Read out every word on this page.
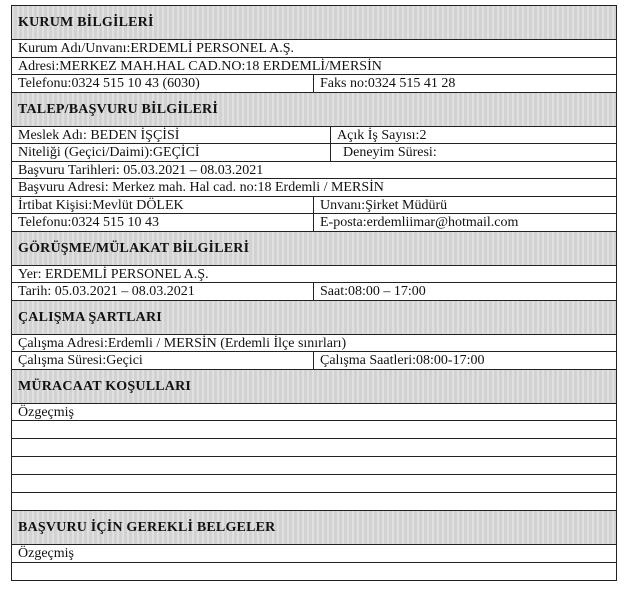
KURUM BİLGİLERİ
Kurum Adı/Unvanı:ERDEMLİ PERSONEL A.Ş.
Adresi:MERKEZ MAH.HAL CAD.NO:18 ERDEMLİ/MERSİN
Telefonu:0324 515 10 43 (6030)	Faks no:0324 515 41 28
TALEP/BAŞVURU BİLGİLERİ
Meslek Adı: BEDEN İŞÇİSİ	Açık İş Sayısı:2
Niteliği (Geçici/Daimi):GEÇİCİ	Deneyim Süresi:
Başvuru Tarihleri: 05.03.2021 – 08.03.2021
Başvuru Adresi: Merkez mah. Hal cad. no:18 Erdemli / MERSİN
İrtibat Kişisi:Mevlüt DÖLEK	Unvanı:Şirket Müdürü
Telefonu:0324 515 10 43	E-posta:erdemliimar@hotmail.com
GÖRÜŞME/MÜLAKAT BİLGİLERİ
Yer: ERDEMLİ PERSONEL A.Ş.
Tarih: 05.03.2021 – 08.03.2021	Saat:08:00 – 17:00
ÇALIŞMA ŞARTLARI
Çalışma Adresi:Erdemli / MERSİN (Erdemli İlçe sınırları)
Çalışma Süresi:Geçici	Çalışma Saatleri:08:00-17:00
MÜRACAAT KOŞULLARI
Özgeçmiş
BAŞVURU İÇİN GEREKLİ BELGELER
Özgeçmiş
